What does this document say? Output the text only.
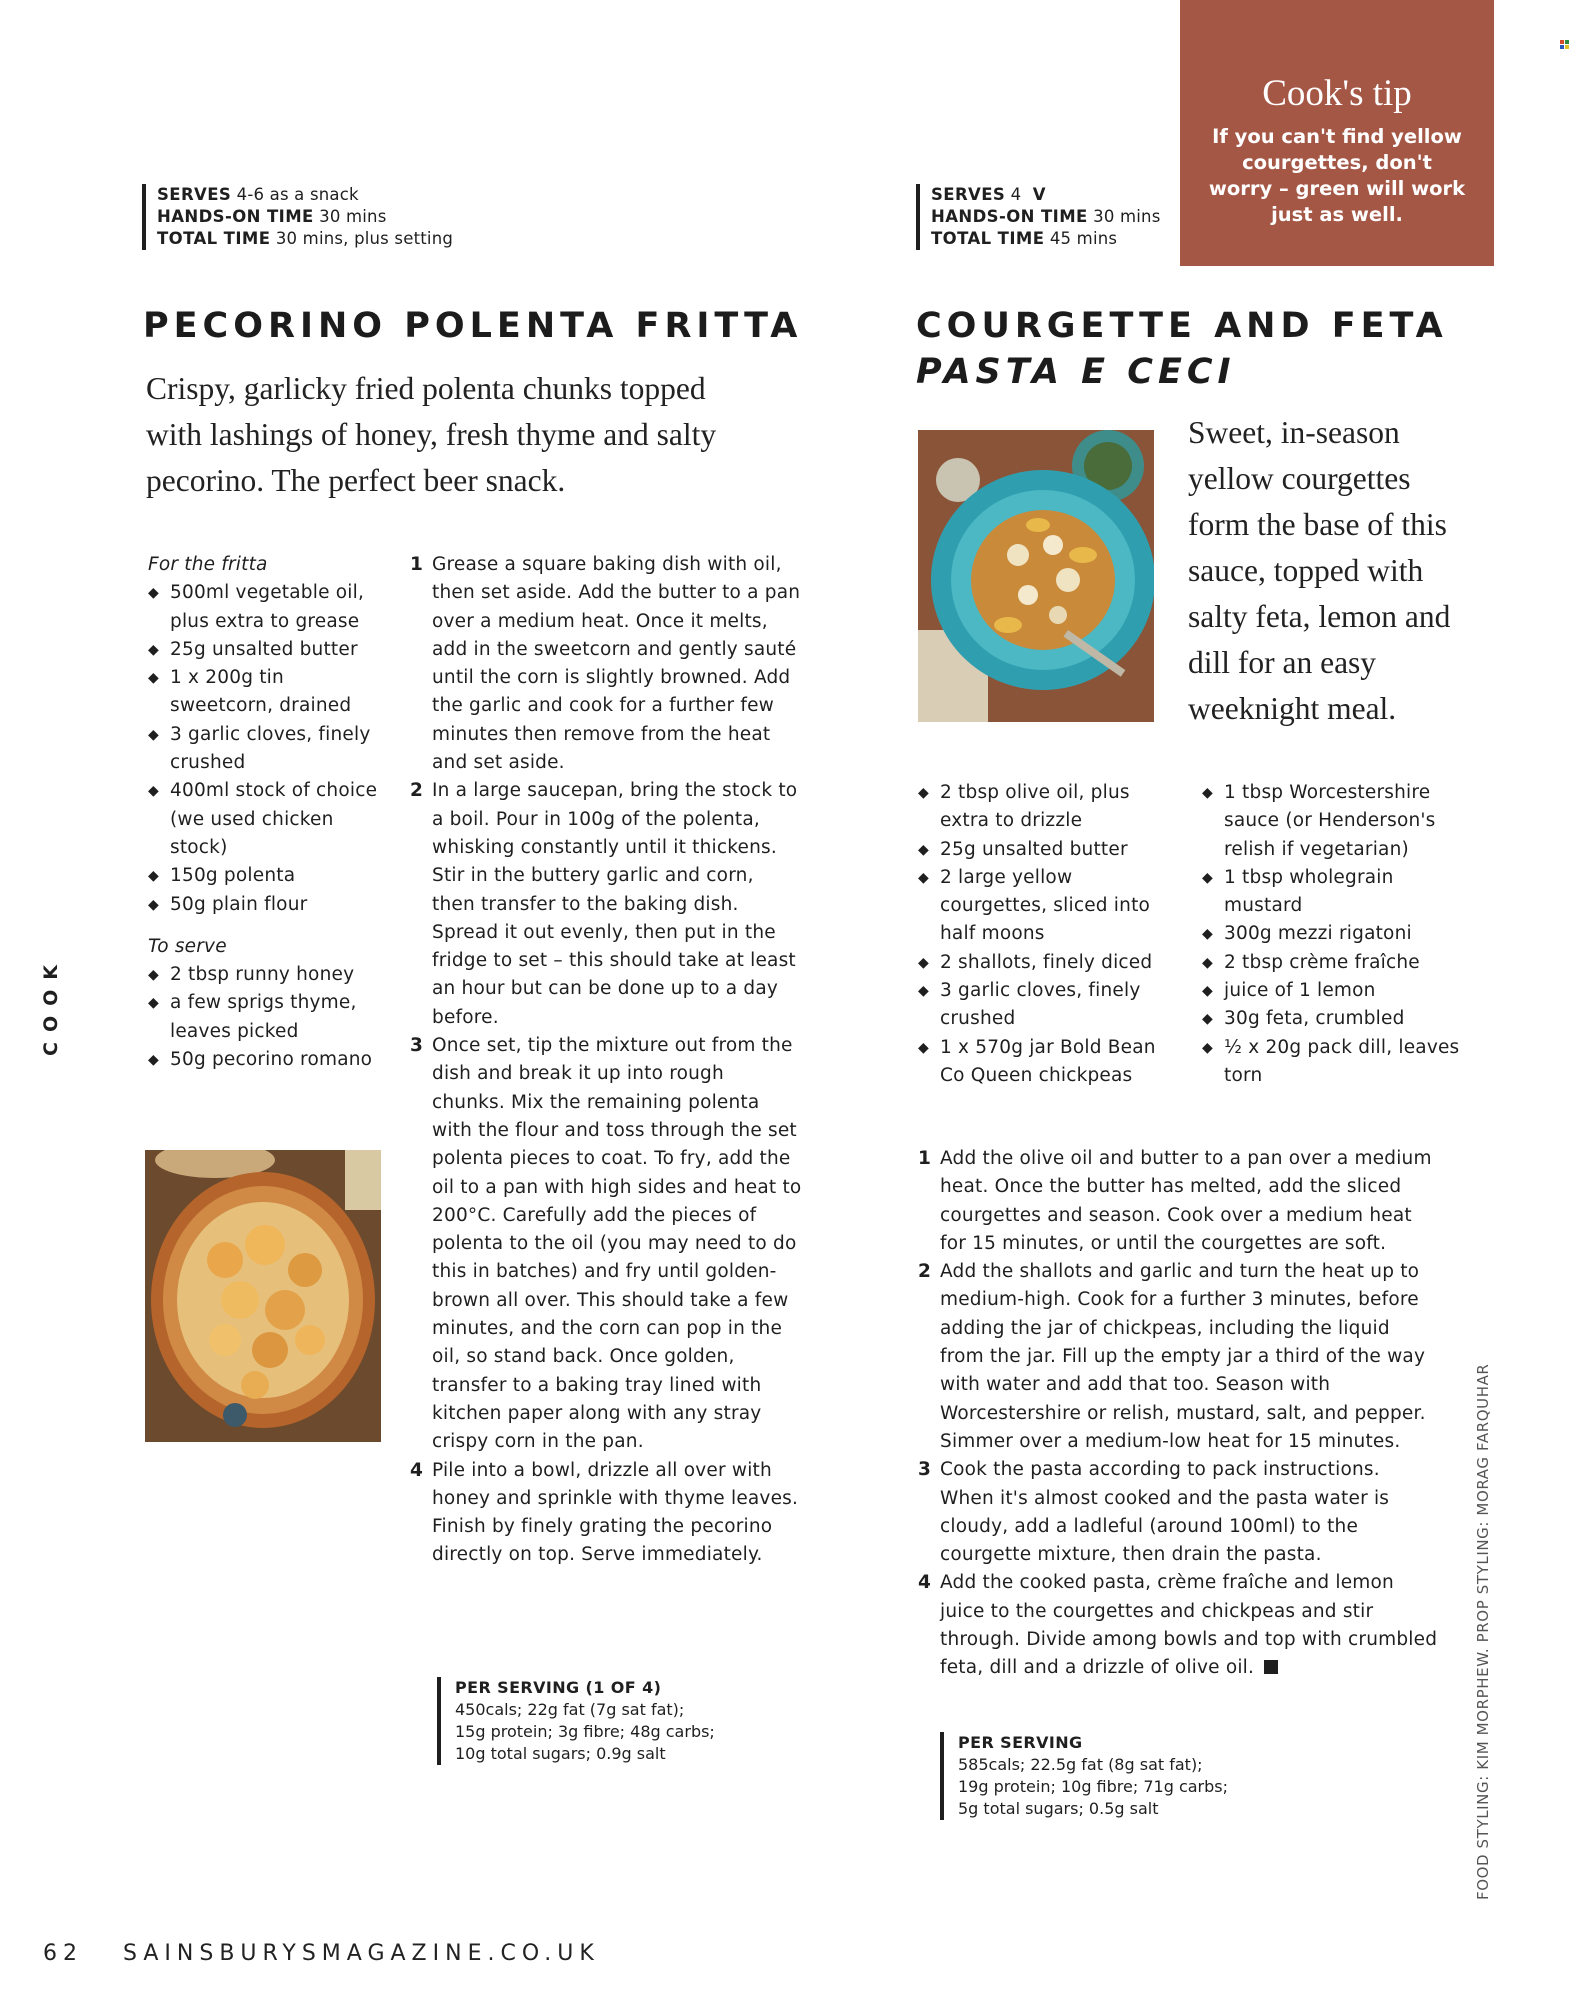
Cook's tip
If you can't find yellow courgettes, don't worry – green will work just as well.
SERVES 4-6 as a snack
HANDS-ON TIME 30 mins
TOTAL TIME 30 mins, plus setting
PECORINO POLENTA FRITTA
Crispy, garlicky fried polenta chunks topped with lashings of honey, fresh thyme and salty pecorino. The perfect beer snack.
For the fritta
◆ 500ml vegetable oil, plus extra to grease
◆ 25g unsalted butter
◆ 1 x 200g tin sweetcorn, drained
◆ 3 garlic cloves, finely crushed
◆ 400ml stock of choice (we used chicken stock)
◆ 150g polenta
◆ 50g plain flour
To serve
◆ 2 tbsp runny honey
◆ a few sprigs thyme, leaves picked
◆ 50g pecorino romano
1 Grease a square baking dish with oil, then set aside. Add the butter to a pan over a medium heat. Once it melts, add in the sweetcorn and gently sauté until the corn is slightly browned. Add the garlic and cook for a further few minutes then remove from the heat and set aside.
2 In a large saucepan, bring the stock to a boil. Pour in 100g of the polenta, whisking constantly until it thickens. Stir in the buttery garlic and corn, then transfer to the baking dish. Spread it out evenly, then put in the fridge to set – this should take at least an hour but can be done up to a day before.
3 Once set, tip the mixture out from the dish and break it up into rough chunks. Mix the remaining polenta with the flour and toss through the set polenta pieces to coat. To fry, add the oil to a pan with high sides and heat to 200°C. Carefully add the pieces of polenta to the oil (you may need to do this in batches) and fry until golden-brown all over. This should take a few minutes, and the corn can pop in the oil, so stand back. Once golden, transfer to a baking tray lined with kitchen paper along with any stray crispy corn in the pan.
4 Pile into a bowl, drizzle all over with honey and sprinkle with thyme leaves. Finish by finely grating the pecorino directly on top. Serve immediately.
PER SERVING (1 OF 4)
450cals; 22g fat (7g sat fat);
15g protein; 3g fibre; 48g carbs;
10g total sugars; 0.9g salt
SERVES 4 V
HANDS-ON TIME 30 mins
TOTAL TIME 45 mins
COURGETTE AND FETA
PASTA E CECI
Sweet, in-season yellow courgettes form the base of this sauce, topped with salty feta, lemon and dill for an easy weeknight meal.
◆ 2 tbsp olive oil, plus extra to drizzle
◆ 25g unsalted butter
◆ 2 large yellow courgettes, sliced into half moons
◆ 2 shallots, finely diced
◆ 3 garlic cloves, finely crushed
◆ 1 x 570g jar Bold Bean Co Queen chickpeas
◆ 1 tbsp Worcestershire sauce (or Henderson's relish if vegetarian)
◆ 1 tbsp wholegrain mustard
◆ 300g mezzi rigatoni
◆ 2 tbsp crème fraîche
◆ juice of 1 lemon
◆ 30g feta, crumbled
◆ ½ x 20g pack dill, leaves torn
1 Add the olive oil and butter to a pan over a medium heat. Once the butter has melted, add the sliced courgettes and season. Cook over a medium heat for 15 minutes, or until the courgettes are soft.
2 Add the shallots and garlic and turn the heat up to medium-high. Cook for a further 3 minutes, before adding the jar of chickpeas, including the liquid from the jar. Fill up the empty jar a third of the way with water and add that too. Season with Worcestershire or relish, mustard, salt, and pepper. Simmer over a medium-low heat for 15 minutes.
3 Cook the pasta according to pack instructions. When it's almost cooked and the pasta water is cloudy, add a ladleful (around 100ml) to the courgette mixture, then drain the pasta.
4 Add the cooked pasta, crème fraîche and lemon juice to the courgettes and chickpeas and stir through. Divide among bowls and top with crumbled feta, dill and a drizzle of olive oil.
PER SERVING
585cals; 22.5g fat (8g sat fat);
19g protein; 10g fibre; 71g carbs;
5g total sugars; 0.5g salt
COOK
FOOD STYLING: KIM MORPHEW. PROP STYLING: MORAG FARQUHAR
62 SAINSBURYSMAGAZINE.CO.UK
